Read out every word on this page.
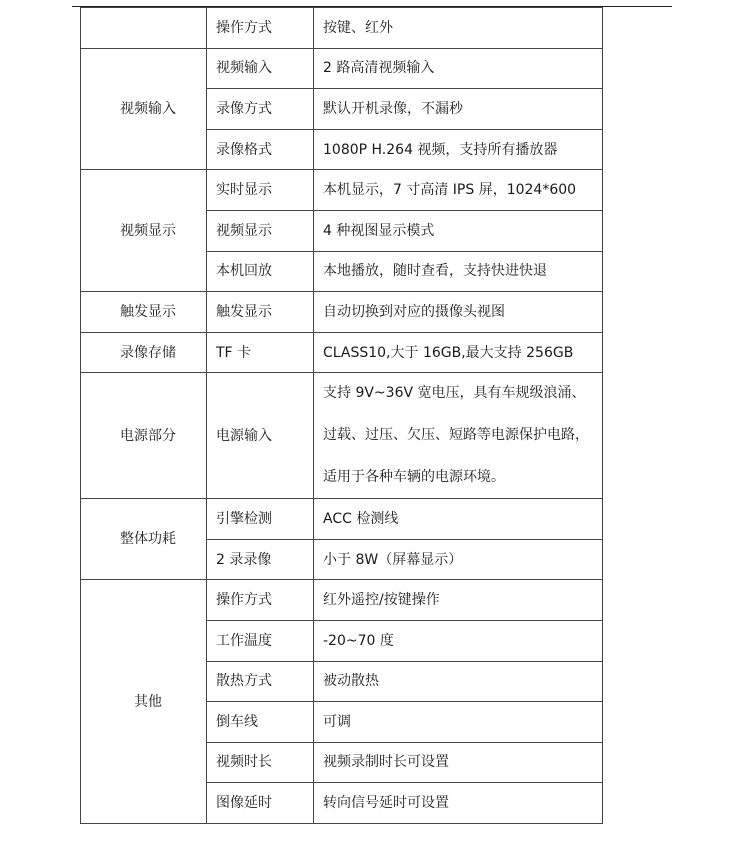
	操作方式	按键、红外
视频输入	视频输入	2 路高清视频输入
	录像方式	默认开机录像，不漏秒
	录像格式	1080P H.264 视频，支持所有播放器
视频显示	实时显示	本机显示，7 寸高清 IPS 屏，1024*600
	视频显示	4 种视图显示模式
	本机回放	本地播放，随时查看，支持快进快退
触发显示	触发显示	自动切换到对应的摄像头视图
录像存储	TF 卡	CLASS10,大于 16GB,最大支持 256GB
电源部分	电源输入	支持 9V~36V 宽电压，具有车规级浪涌、
过载、过压、欠压、短路等电源保护电路，
适用于各种车辆的电源环境。

整体功耗	引擎检测	ACC 检测线
	2 录录像	小于 8W（屏幕显示）
其他	操作方式	红外遥控/按键操作
	工作温度	-20~70 度
	散热方式	被动散热
	倒车线	可调
	视频时长	视频录制时长可设置
	图像延时	转向信号延时可设置
